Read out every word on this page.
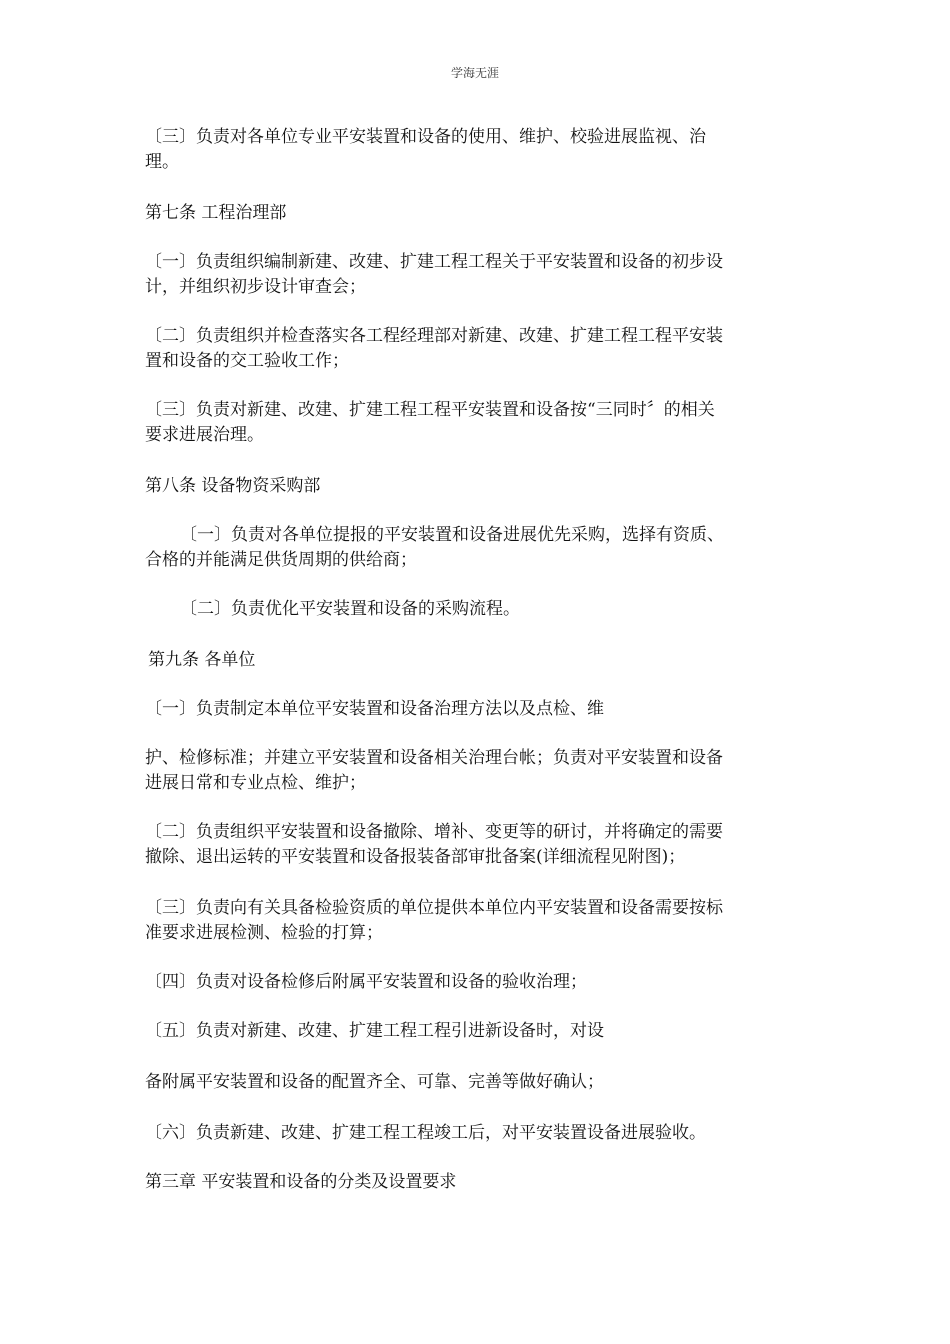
学海无涯
〔三〕负责对各单位专业平安装置和设备的使用、维护、校验进展监视、治
理。
第七条 工程治理部
〔一〕负责组织编制新建、改建、扩建工程工程关于平安装置和设备的初步设
计，并组织初步设计审查会；
〔二〕负责组织并检查落实各工程经理部对新建、改建、扩建工程工程平安装
置和设备的交工验收工作；
〔三〕负责对新建、改建、扩建工程工程平安装置和设备按“三同时〞的相关
要求进展治理。
第八条 设备物资采购部
〔一〕负责对各单位提报的平安装置和设备进展优先采购，选择有资质、
合格的并能满足供货周期的供给商；
〔二〕负责优化平安装置和设备的采购流程。
第九条 各单位
〔一〕负责制定本单位平安装置和设备治理方法以及点检、维
护、检修标准；并建立平安装置和设备相关治理台帐；负责对平安装置和设备
进展日常和专业点检、维护；
〔二〕负责组织平安装置和设备撤除、增补、变更等的研讨，并将确定的需要
撤除、退出运转的平安装置和设备报装备部审批备案(详细流程见附图)；
〔三〕负责向有关具备检验资质的单位提供本单位内平安装置和设备需要按标
准要求进展检测、检验的打算；
〔四〕负责对设备检修后附属平安装置和设备的验收治理；
〔五〕负责对新建、改建、扩建工程工程引进新设备时，对设
备附属平安装置和设备的配置齐全、可靠、完善等做好确认；
〔六〕负责新建、改建、扩建工程工程竣工后，对平安装置设备进展验收。
第三章 平安装置和设备的分类及设置要求
